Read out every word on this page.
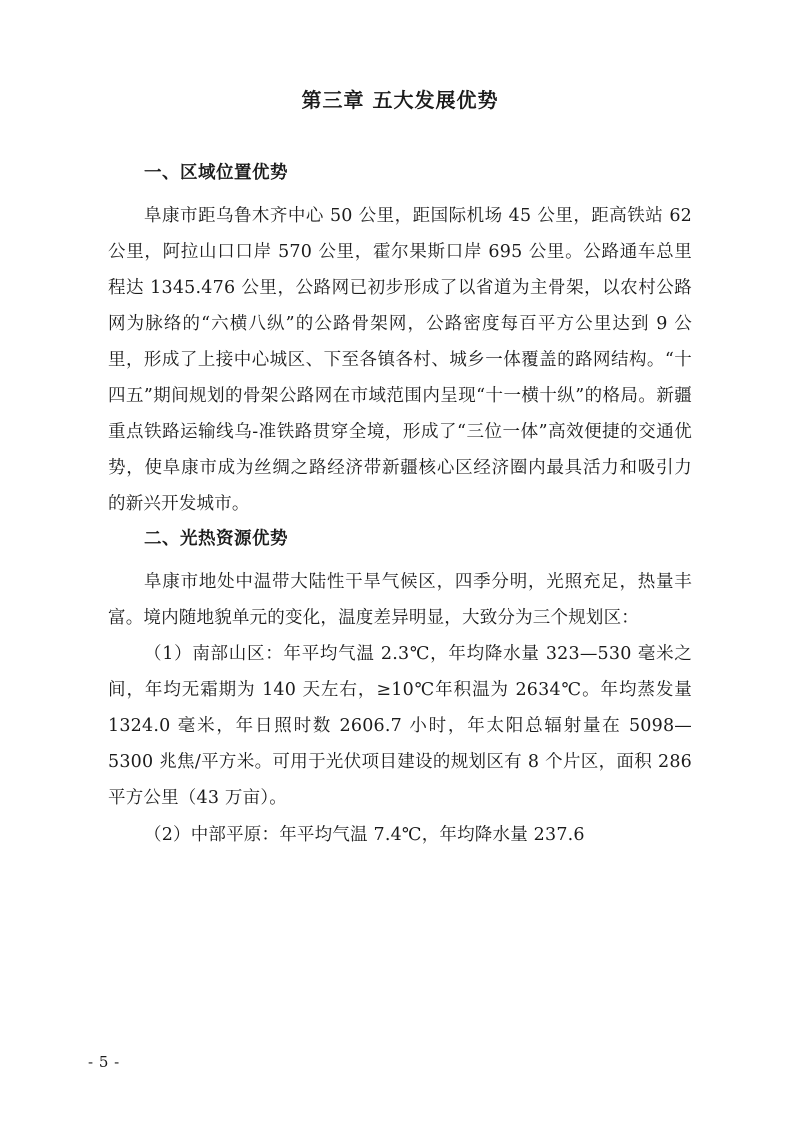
第三章 五大发展优势
一、区域位置优势

阜康市距乌鲁木齐中心 50 公里，距国际机场 45 公里，距高铁站 62 公里，阿拉山口口岸 570 公里，霍尔果斯口岸 695 公里。公路通车总里程达 1345.476 公里，公路网已初步形成了以省道为主骨架，以农村公路网为脉络的“六横八纵”的公路骨架网，公路密度每百平方公里达到 9 公里，形成了上接中心城区、下至各镇各村、城乡一体覆盖的路网结构。“十四五”期间规划的骨架公路网在市域范围内呈现“十一横十纵”的格局。新疆重点铁路运输线乌-准铁路贯穿全境，形成了“三位一体”高效便捷的交通优势，使阜康市成为丝绸之路经济带新疆核心区经济圈内最具活力和吸引力的新兴开发城市。

二、光热资源优势

阜康市地处中温带大陆性干旱气候区，四季分明，光照充足，热量丰富。境内随地貌单元的变化，温度差异明显，大致分为三个规划区：

（1）南部山区：年平均气温 2.3℃，年均降水量 323—530 毫米之间，年均无霜期为 140 天左右，≥10℃年积温为 2634℃。年均蒸发量 1324.0 毫米，年日照时数 2606.7 小时，年太阳总辐射量在 5098—5300 兆焦/平方米。可用于光伏项目建设的规划区有 8 个片区，面积 286 平方公里（43 万亩）。

（2）中部平原：年平均气温 7.4℃，年均降水量 237.6

- 5 -
